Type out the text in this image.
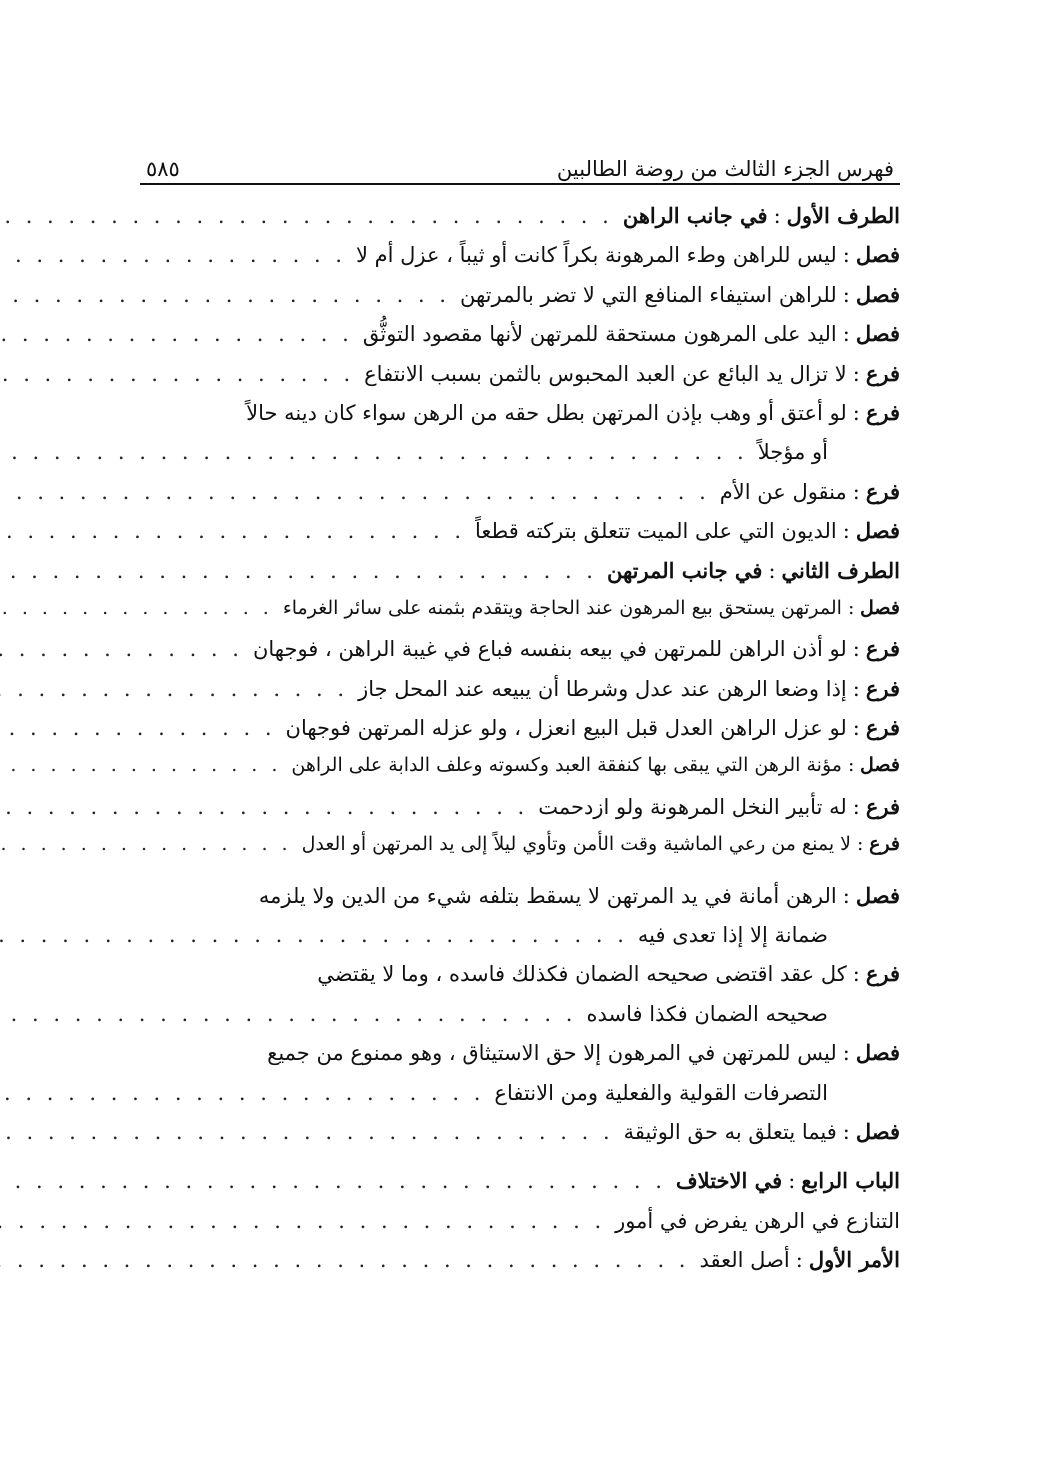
فهرس الجزء الثالث من روضة الطالبين
٥٨٥
الطرف الأول
:
في جانب الراهن
. . .
فصل
:
ليس للراهن وطء المرهونة بكراً كانت أو ثيباً ، عزل أم لا
. . .
فصل
:
للراهن استيفاء المنافع التي لا تضر بالمرتهن
. . .
فصل
:
اليد على المرهون مستحقة للمرتهن لأنها مقصود التوثُّق
. . .
فرع
:
لا تزال يد البائع عن العبد المحبوس بالثمن بسبب الانتفاع
. . .
فرع
:
لو أعتق أو وهب بإذن المرتهن بطل حقه من الرهن سواء كان دينه حالاً
أو مؤجلاً
. . .
فرع
:
منقول عن الأم
. . .
فصل
:
الديون التي على الميت تتعلق بتركته قطعاً
. . .
الطرف الثاني
:
في جانب المرتهن
. . .
فصل
:
المرتهن يستحق بيع المرهون عند الحاجة ويتقدم بثمنه على سائر الغرماء
. . .
فرع
:
لو أذن الراهن للمرتهن في بيعه بنفسه فباع في غيبة الراهن ، فوجهان
. . .
فرع
:
إذا وضعا الرهن عند عدل وشرطا أن يبيعه عند المحل جاز
. . .
فرع
:
لو عزل الراهن العدل قبل البيع انعزل ، ولو عزله المرتهن فوجهان
. . .
فصل
:
مؤنة الرهن التي يبقى بها كنفقة العبد وكسوته وعلف الدابة على الراهن
. . .
فرع
:
له تأبير النخل المرهونة ولو ازدحمت
. . .
فرع
:
لا يمنع من رعي الماشية وقت الأمن وتأوي ليلاً إلى يد المرتهن أو العدل
. . .
فصل
:
الرهن أمانة في يد المرتهن لا يسقط بتلفه شيء من الدين ولا يلزمه
ضمانة إلا إذا تعدى فيه
. . .
فرع
:
كل عقد اقتضى صحيحه الضمان فكذلك فاسده ، وما لا يقتضي
صحيحه الضمان فكذا فاسده
. . .
فصل
:
ليس للمرتهن في المرهون إلا حق الاستيثاق ، وهو ممنوع من جميع
التصرفات القولية والفعلية ومن الانتفاع
. . .
فصل
:
فيما يتعلق به حق الوثيقة
. . .
الباب الرابع
:
في الاختلاف
. . .
التنازع في الرهن يفرض في أمور
. . .
الأمر الأول
:
أصل العقد
. . .
